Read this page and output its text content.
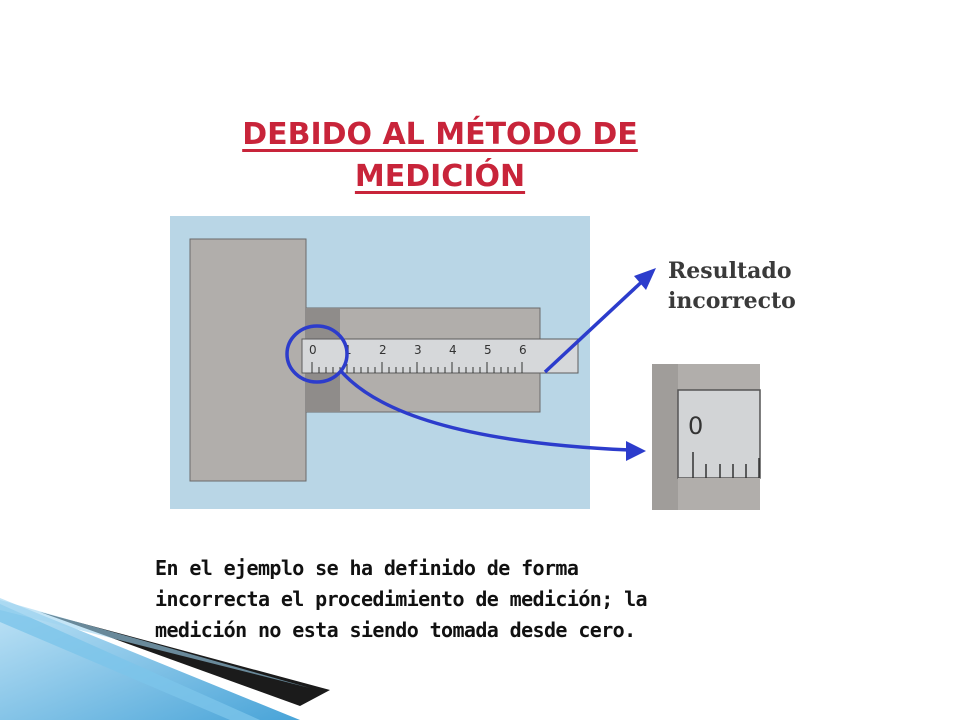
DEBIDO AL MÉTODO DE
MEDICIÓN
0 1 2 3 4 5 6
0
Resultado
incorrecto
En el ejemplo se ha definido de forma
incorrecta el procedimiento de medición; la
medición no esta siendo tomada desde cero.
